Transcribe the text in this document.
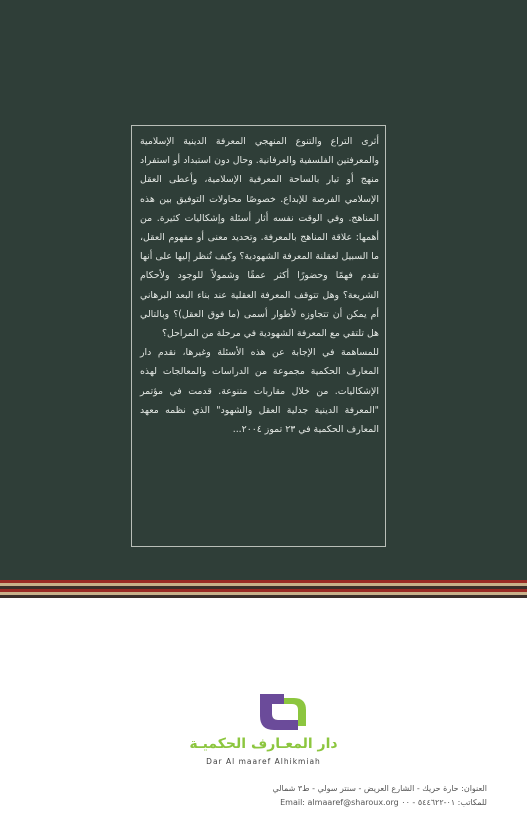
أثرى التراع والتنوع المنهجي المعرفة الدينية الإسلامية والمعرفتين الفلسفية والعرفانية. وحال دون استبداد أو استفراد منهج أو تيار بالساحة المعرفية الإسلامية، وأعطى العقل الإسلامي الفرصة للإبداع. خصوصًا محاولات التوفيق بين هذه المناهج. وفي الوقت نفسه أثار أسئلة وإشكاليات كثيرة. من أهمها: علاقة المناهج بالمعرفة. وتحديد معنى أو مفهوم العقل، ما السبيل لعقلنة المعرفة الشهودية؟ وكيف تُنظر إليها على أنها تقدم فهمًا وحضورًا أكثر عمقًا وشمولاً للوجود ولأحكام الشريعة؟ وهل تتوقف المعرفة العقلية عند بناء البعد البرهاني أم يمكن أن تتجاوزه لأطوار أسمى (ما فوق العقل)؟ وبالتالي هل تلتقي مع المعرفة الشهودية في مرحلة من المراحل؟

للمساهمة في الإجابة عن هذه الأسئلة وغيرها، نقدم دار المعارف الحكمية مجموعة من الدراسات والمعالجات لهذه الإشكاليات. من خلال مقاربات متنوعة. قدمت في مؤتمر "المعرفة الدينية جدلية العقل والشهود" الذي نظمه معهد المعارف الحكمية في ٢٣ تموز ٢٠٠٤...

دار المعـارف الحكميـة
Dar Al maaref Alhikmiah
العنوان: حارة حريك - الشارع العريض - سنتر سولي - ط٣ شمالي
للمكاتب: ٠١-٥٤٤٦٢٢ - ٠٠ Email: almaaref@sharoux.org
